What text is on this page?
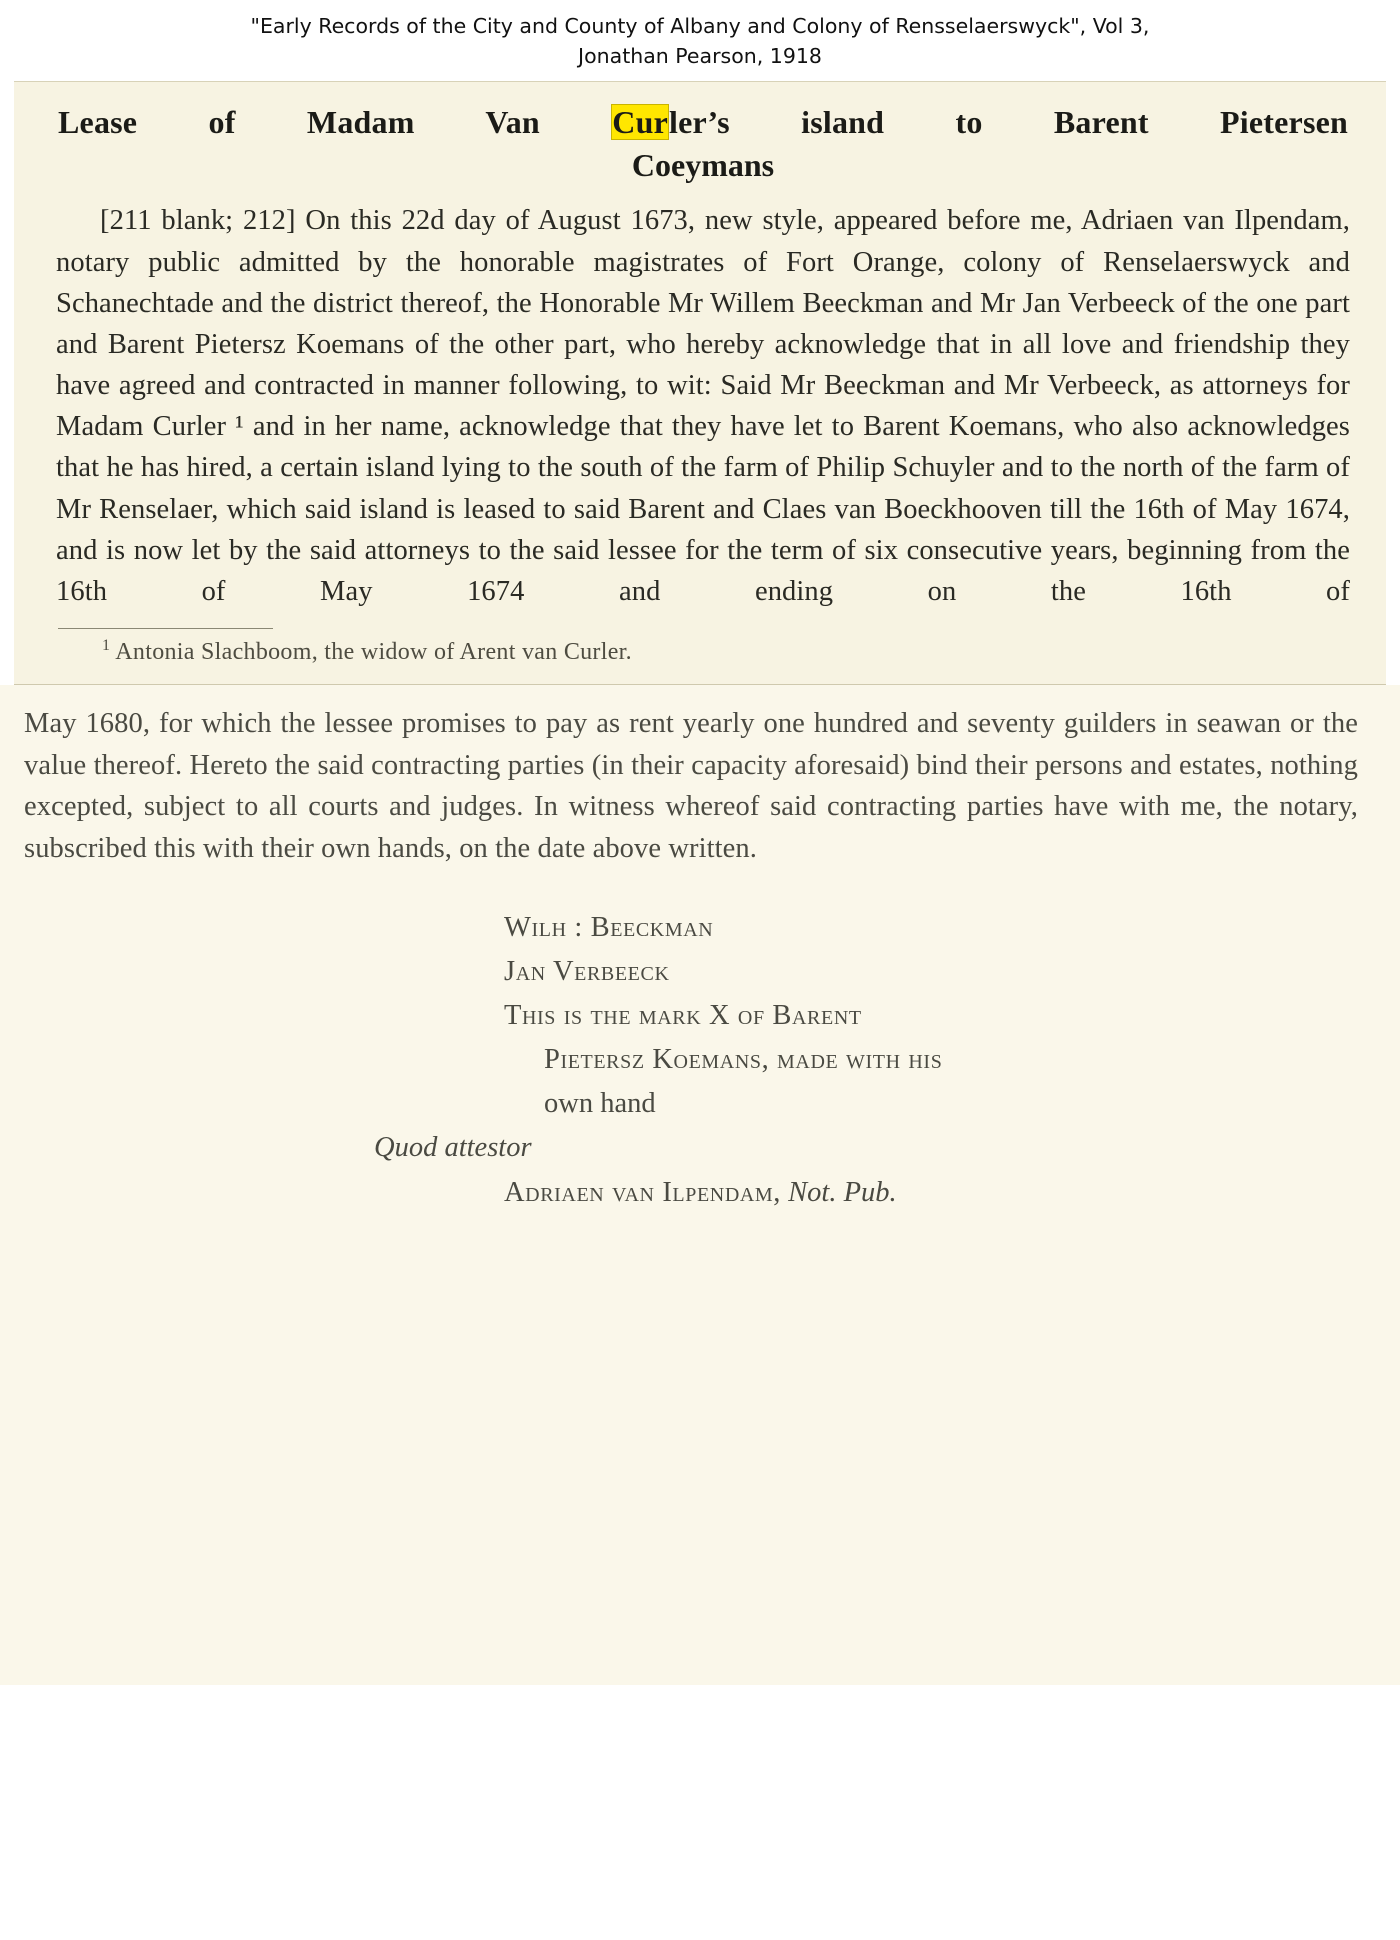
"Early Records of the City and County of Albany and Colony of Rensselaerswyck", Vol 3,
Jonathan Pearson, 1918
Lease of Madam Van Curler’s island to Barent Pietersen
Coeymans
[211 blank; 212] On this 22d day of August 1673, new style, appeared before me, Adriaen van Ilpendam, notary public admitted by the honorable magistrates of Fort Orange, colony of Renselaerswyck and Schanechtade and the district thereof, the Honorable Mr Willem Beeckman and Mr Jan Verbeeck of the one part and Barent Pietersz Koemans of the other part, who hereby acknowledge that in all love and friendship they have agreed and contracted in manner following, to wit: Said Mr Beeckman and Mr Verbeeck, as attorneys for Madam Curler ¹ and in her name, acknowledge that they have let to Barent Koemans, who also acknowledges that he has hired, a certain island lying to the south of the farm of Philip Schuyler and to the north of the farm of Mr Renselaer, which said island is leased to said Barent and Claes van Boeckhooven till the 16th of May 1674, and is now let by the said attorneys to the said lessee for the term of six consecutive years, beginning from the 16th of May 1674 and ending on the 16th of
$^1$ Antonia Slachboom, the widow of Arent van Curler.
May 1680, for which the lessee promises to pay as rent yearly one hundred and seventy guilders in seawan or the value thereof. Hereto the said contracting parties (in their capacity aforesaid) bind their persons and estates, nothing excepted, subject to all courts and judges. In witness whereof said contracting parties have with me, the notary, subscribed this with their own hands, on the date above written.
Wilh : Beeckman
Jan Verbeeck
This is the mark X of Barent
Pietersz Koemans, made with his
own hand
Quod attestor
Adriaen van Ilpendam, Not. Pub.
